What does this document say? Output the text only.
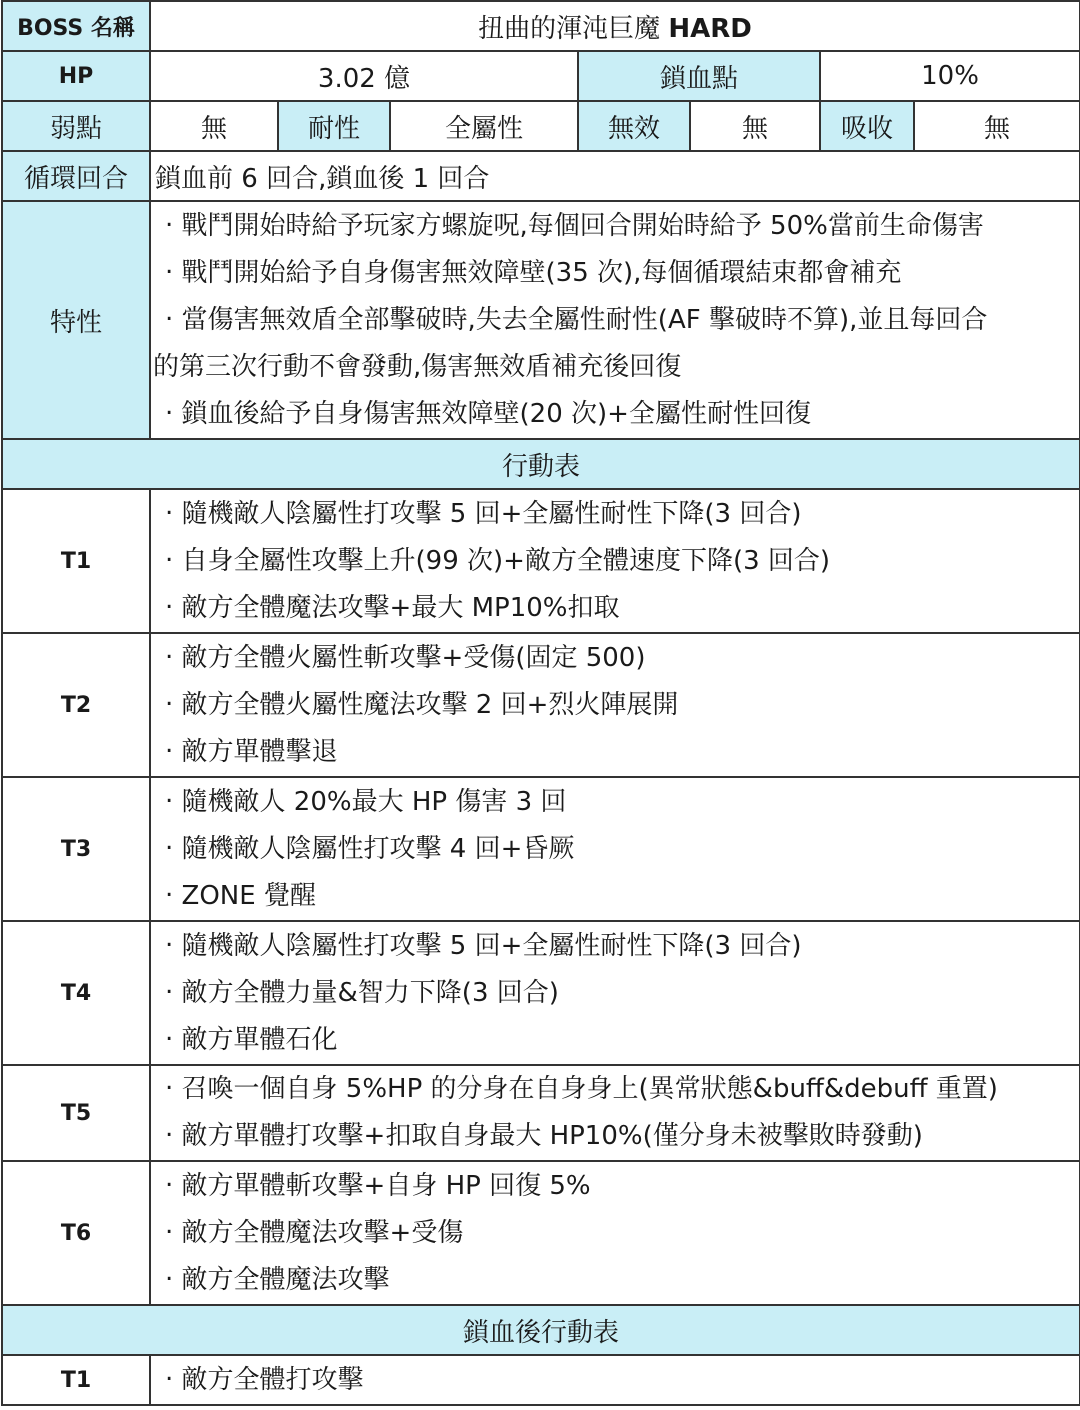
BOSS 名稱	扭曲的渾沌巨魔 HARD						
HP	3.02 億			鎖血點		10%	
弱點	無	耐性	全屬性	無效	無	吸收	無
循環回合	鎖血前 6 回合,鎖血後 1 回合						
特性	‧ 戰鬥開始時給予玩家方螺旋呪,每個回合開始時給予 50%當前生命傷害
‧ 戰鬥開始給予自身傷害無效障壁(35 次),每個循環結束都會補充
‧ 當傷害無效盾全部擊破時,失去全屬性耐性(AF 擊破時不算),並且每回合
的第三次行動不會發動,傷害無效盾補充後回復
‧ 鎖血後給予自身傷害無效障壁(20 次)+全屬性耐性回復						

行動表							
T1	‧ 隨機敵人陰屬性打攻擊 5 回+全屬性耐性下降(3 回合)
‧ 自身全屬性攻擊上升(99 次)+敵方全體速度下降(3 回合)
‧ 敵方全體魔法攻擊+最大 MP10%扣取						

T2	‧ 敵方全體火屬性斬攻擊+受傷(固定 500)
‧ 敵方全體火屬性魔法攻擊 2 回+烈火陣展開
‧ 敵方單體擊退						

T3	‧ 隨機敵人 20%最大 HP 傷害 3 回
‧ 隨機敵人陰屬性打攻擊 4 回+昏厥
‧ ZONE 覺醒						

T4	‧ 隨機敵人陰屬性打攻擊 5 回+全屬性耐性下降(3 回合)
‧ 敵方全體力量&智力下降(3 回合)
‧ 敵方單體石化						

T5	‧ 召喚一個自身 5%HP 的分身在自身身上(異常狀態&buff&debuff 重置)
‧ 敵方單體打攻擊+扣取自身最大 HP10%(僅分身未被擊敗時發動)						

T6	‧ 敵方單體斬攻擊+自身 HP 回復 5%
‧ 敵方全體魔法攻擊+受傷
‧ 敵方全體魔法攻擊						

鎖血後行動表							
T1	‧ 敵方全體打攻擊						
